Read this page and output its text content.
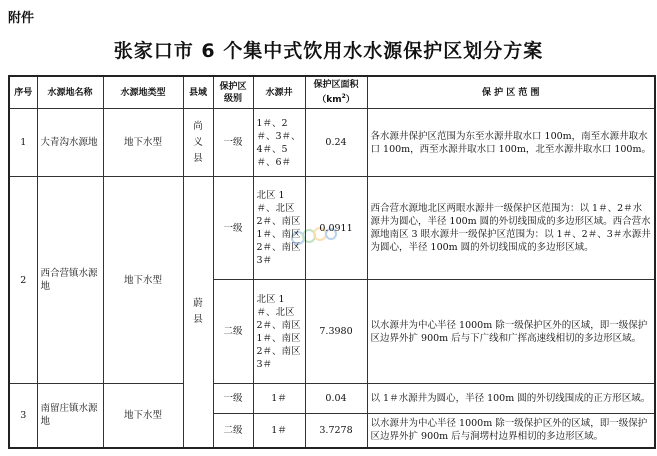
附件
张家口市 6 个集中式饮用水水源保护区划分方案
序号	水源地名称	水源地类型	县域	保护区级别	水源井	保护区面积$(km^2)$	保 护 区 范 围
1	大青沟水源地	地下水型	尚义县	一级	1＃、2＃、3＃、4＃、5＃、6＃	0.24	各水源井保护区范围为东至水源井取水口 100m，南至水源井取水口 100m，西至水源井取水口 100m，北至水源井取水口 100m。
2	西合营镇水源地	地下水型	蔚县	一级	北区 1＃、北区 2＃、南区 1＃、南区 2＃、南区 3＃	0.0911	西合营水源地北区两眼水源井一级保护区范围为：以 1＃、2＃水源井为圆心，半径 100m 圆的外切线围成的多边形区域。西合营水源地南区 3 眼水源井一级保护区范围为：以 1＃、2＃、3＃水源井为圆心，半径 100m 圆的外切线围成的多边形区域。
				二级	北区 1＃、北区 2＃、南区 1＃、南区 2＃、南区 3＃	7.3980	以水源井为中心半径 1000m 除一级保护区外的区域，即一级保护区边界外扩 900m 后与下广线和广挥高速线相切的多边形区域。
3	南留庄镇水源地	地下水型		一级	1＃	0.04	以 1＃水源井为圆心，半径 100m 圆的外切线围成的正方形区域。
				二级	1＃	3.7278	以水源井为中心半径 1000m 除一级保护区外的区域，即一级保护区边界外扩 900m 后与涧塄村边界相切的多边形区域。
